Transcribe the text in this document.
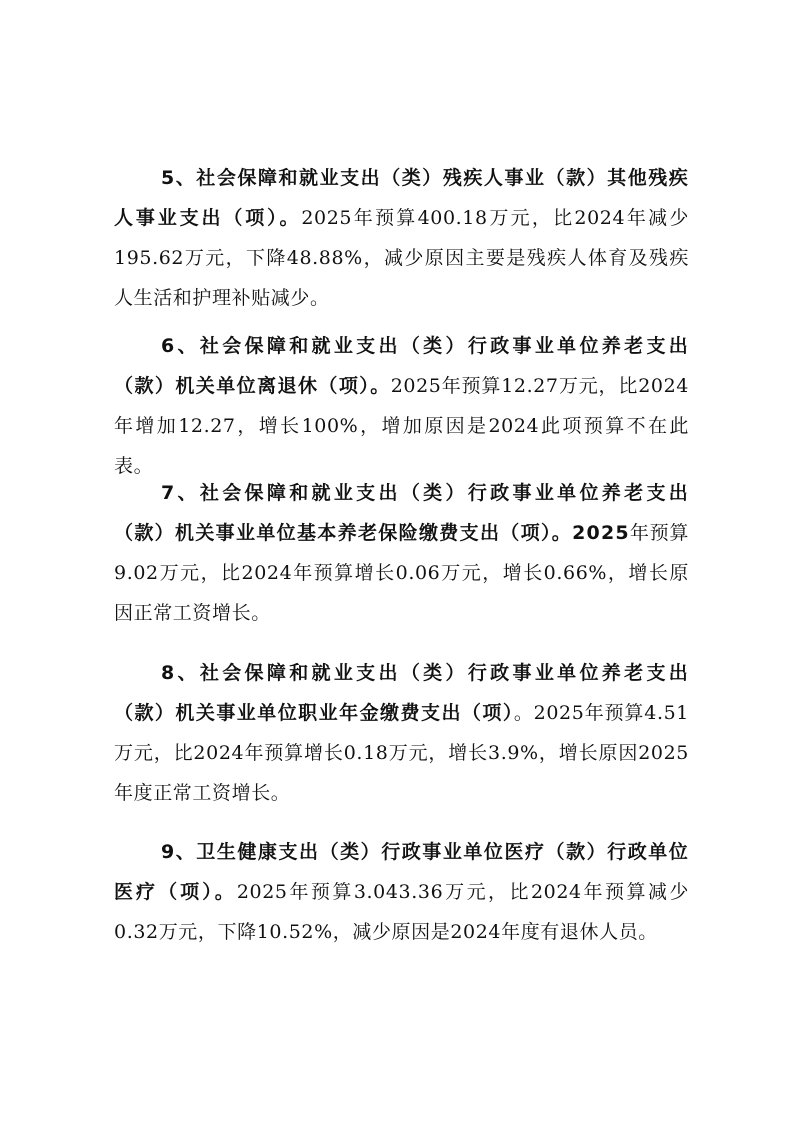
5、社会保障和就业支出（类）残疾人事业（款）其他残疾人事业支出（项）。2025年预算400.18万元，比2024年减少195.62万元，下降48.88%，减少原因主要是残疾人体育及残疾人生活和护理补贴减少。

6、社会保障和就业支出（类）行政事业单位养老支出（款）机关单位离退休（项）。2025年预算12.27万元，比2024年增加12.27，增长100%，增加原因是2024此项预算不在此表。

7、社会保障和就业支出（类）行政事业单位养老支出（款）机关事业单位基本养老保险缴费支出（项）。2025年预算9.02万元，比2024年预算增长0.06万元，增长0.66%，增长原因正常工资增长。

8、社会保障和就业支出（类）行政事业单位养老支出（款）机关事业单位职业年金缴费支出（项）。2025年预算4.51万元，比2024年预算增长0.18万元，增长3.9%，增长原因2025年度正常工资增长。

9、卫生健康支出（类）行政事业单位医疗（款）行政单位医疗（项）。2025年预算3.043.36万元，比2024年预算减少0.32万元，下降10.52%，减少原因是2024年度有退休人员。
